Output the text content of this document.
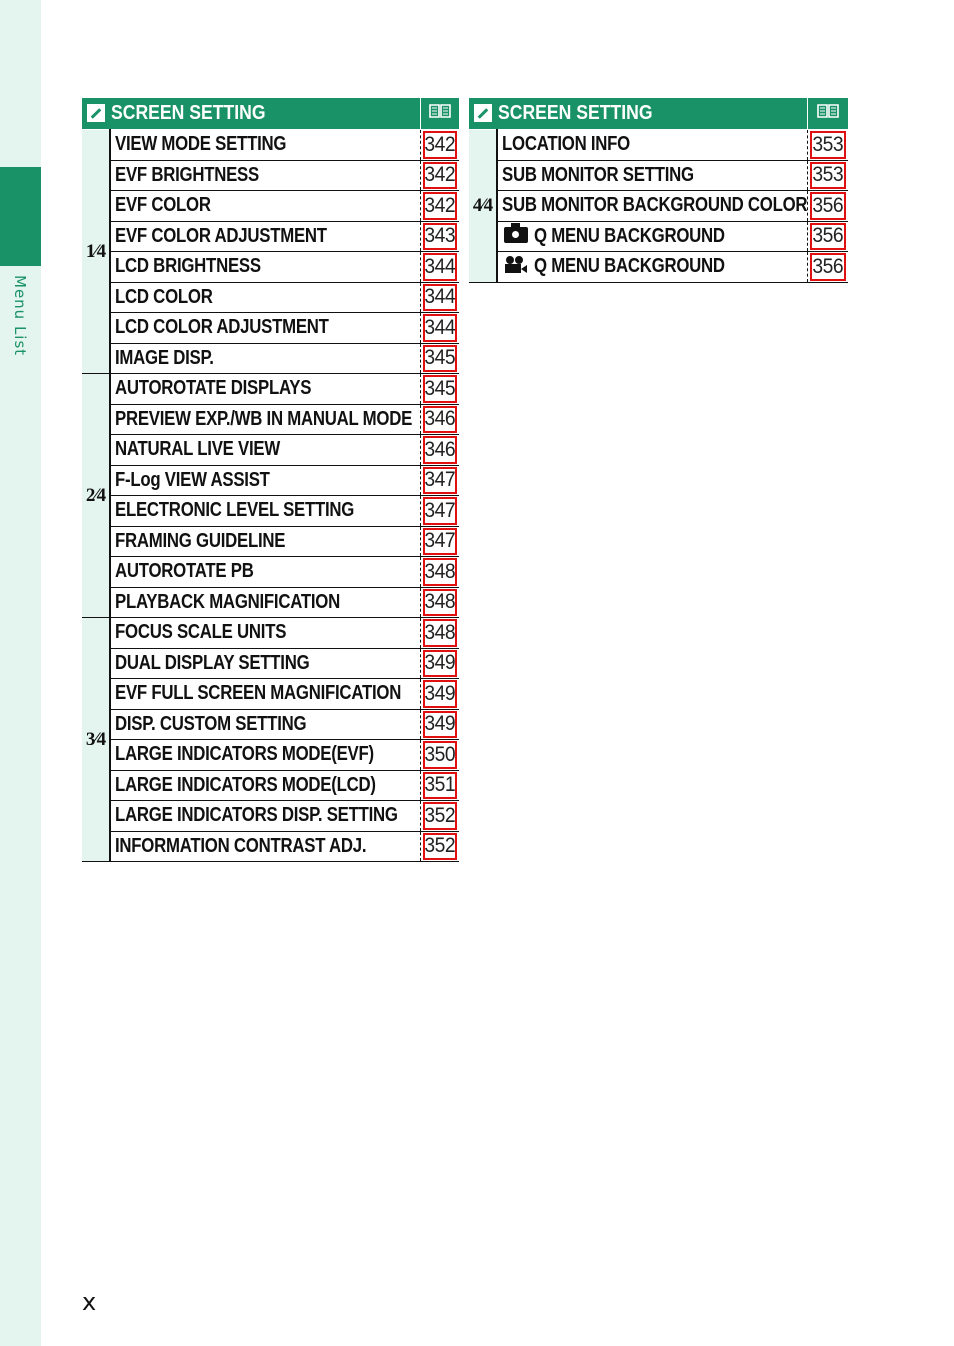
Menu List
SCREEN SETTING	
1⁄4	VIEW MODE SETTING	342
	EVF BRIGHTNESS	342
	EVF COLOR	342
	EVF COLOR ADJUSTMENT	343
	LCD BRIGHTNESS	344
	LCD COLOR	344
	LCD COLOR ADJUSTMENT	344
	IMAGE DISP.	345
2⁄4	AUTOROTATE DISPLAYS	345
	PREVIEW EXP./WB IN MANUAL MODE	346
	NATURAL LIVE VIEW	346
	F-Log VIEW ASSIST	347
	ELECTRONIC LEVEL SETTING	347
	FRAMING GUIDELINE	347
	AUTOROTATE PB	348
	PLAYBACK MAGNIFICATION	348
3⁄4	FOCUS SCALE UNITS	348
	DUAL DISPLAY SETTING	349
	EVF FULL SCREEN MAGNIFICATION	349
	DISP. CUSTOM SETTING	349
	LARGE INDICATORS MODE(EVF)	350
	LARGE INDICATORS MODE(LCD)	351
	LARGE INDICATORS DISP. SETTING	352
	INFORMATION CONTRAST ADJ.	352
SCREEN SETTING	
4⁄4	LOCATION INFO	353
	SUB MONITOR SETTING	353
	SUB MONITOR BACKGROUND COLOR	356
	Q MENU BACKGROUND	356

Q MENU BACKGROUND	356
x
